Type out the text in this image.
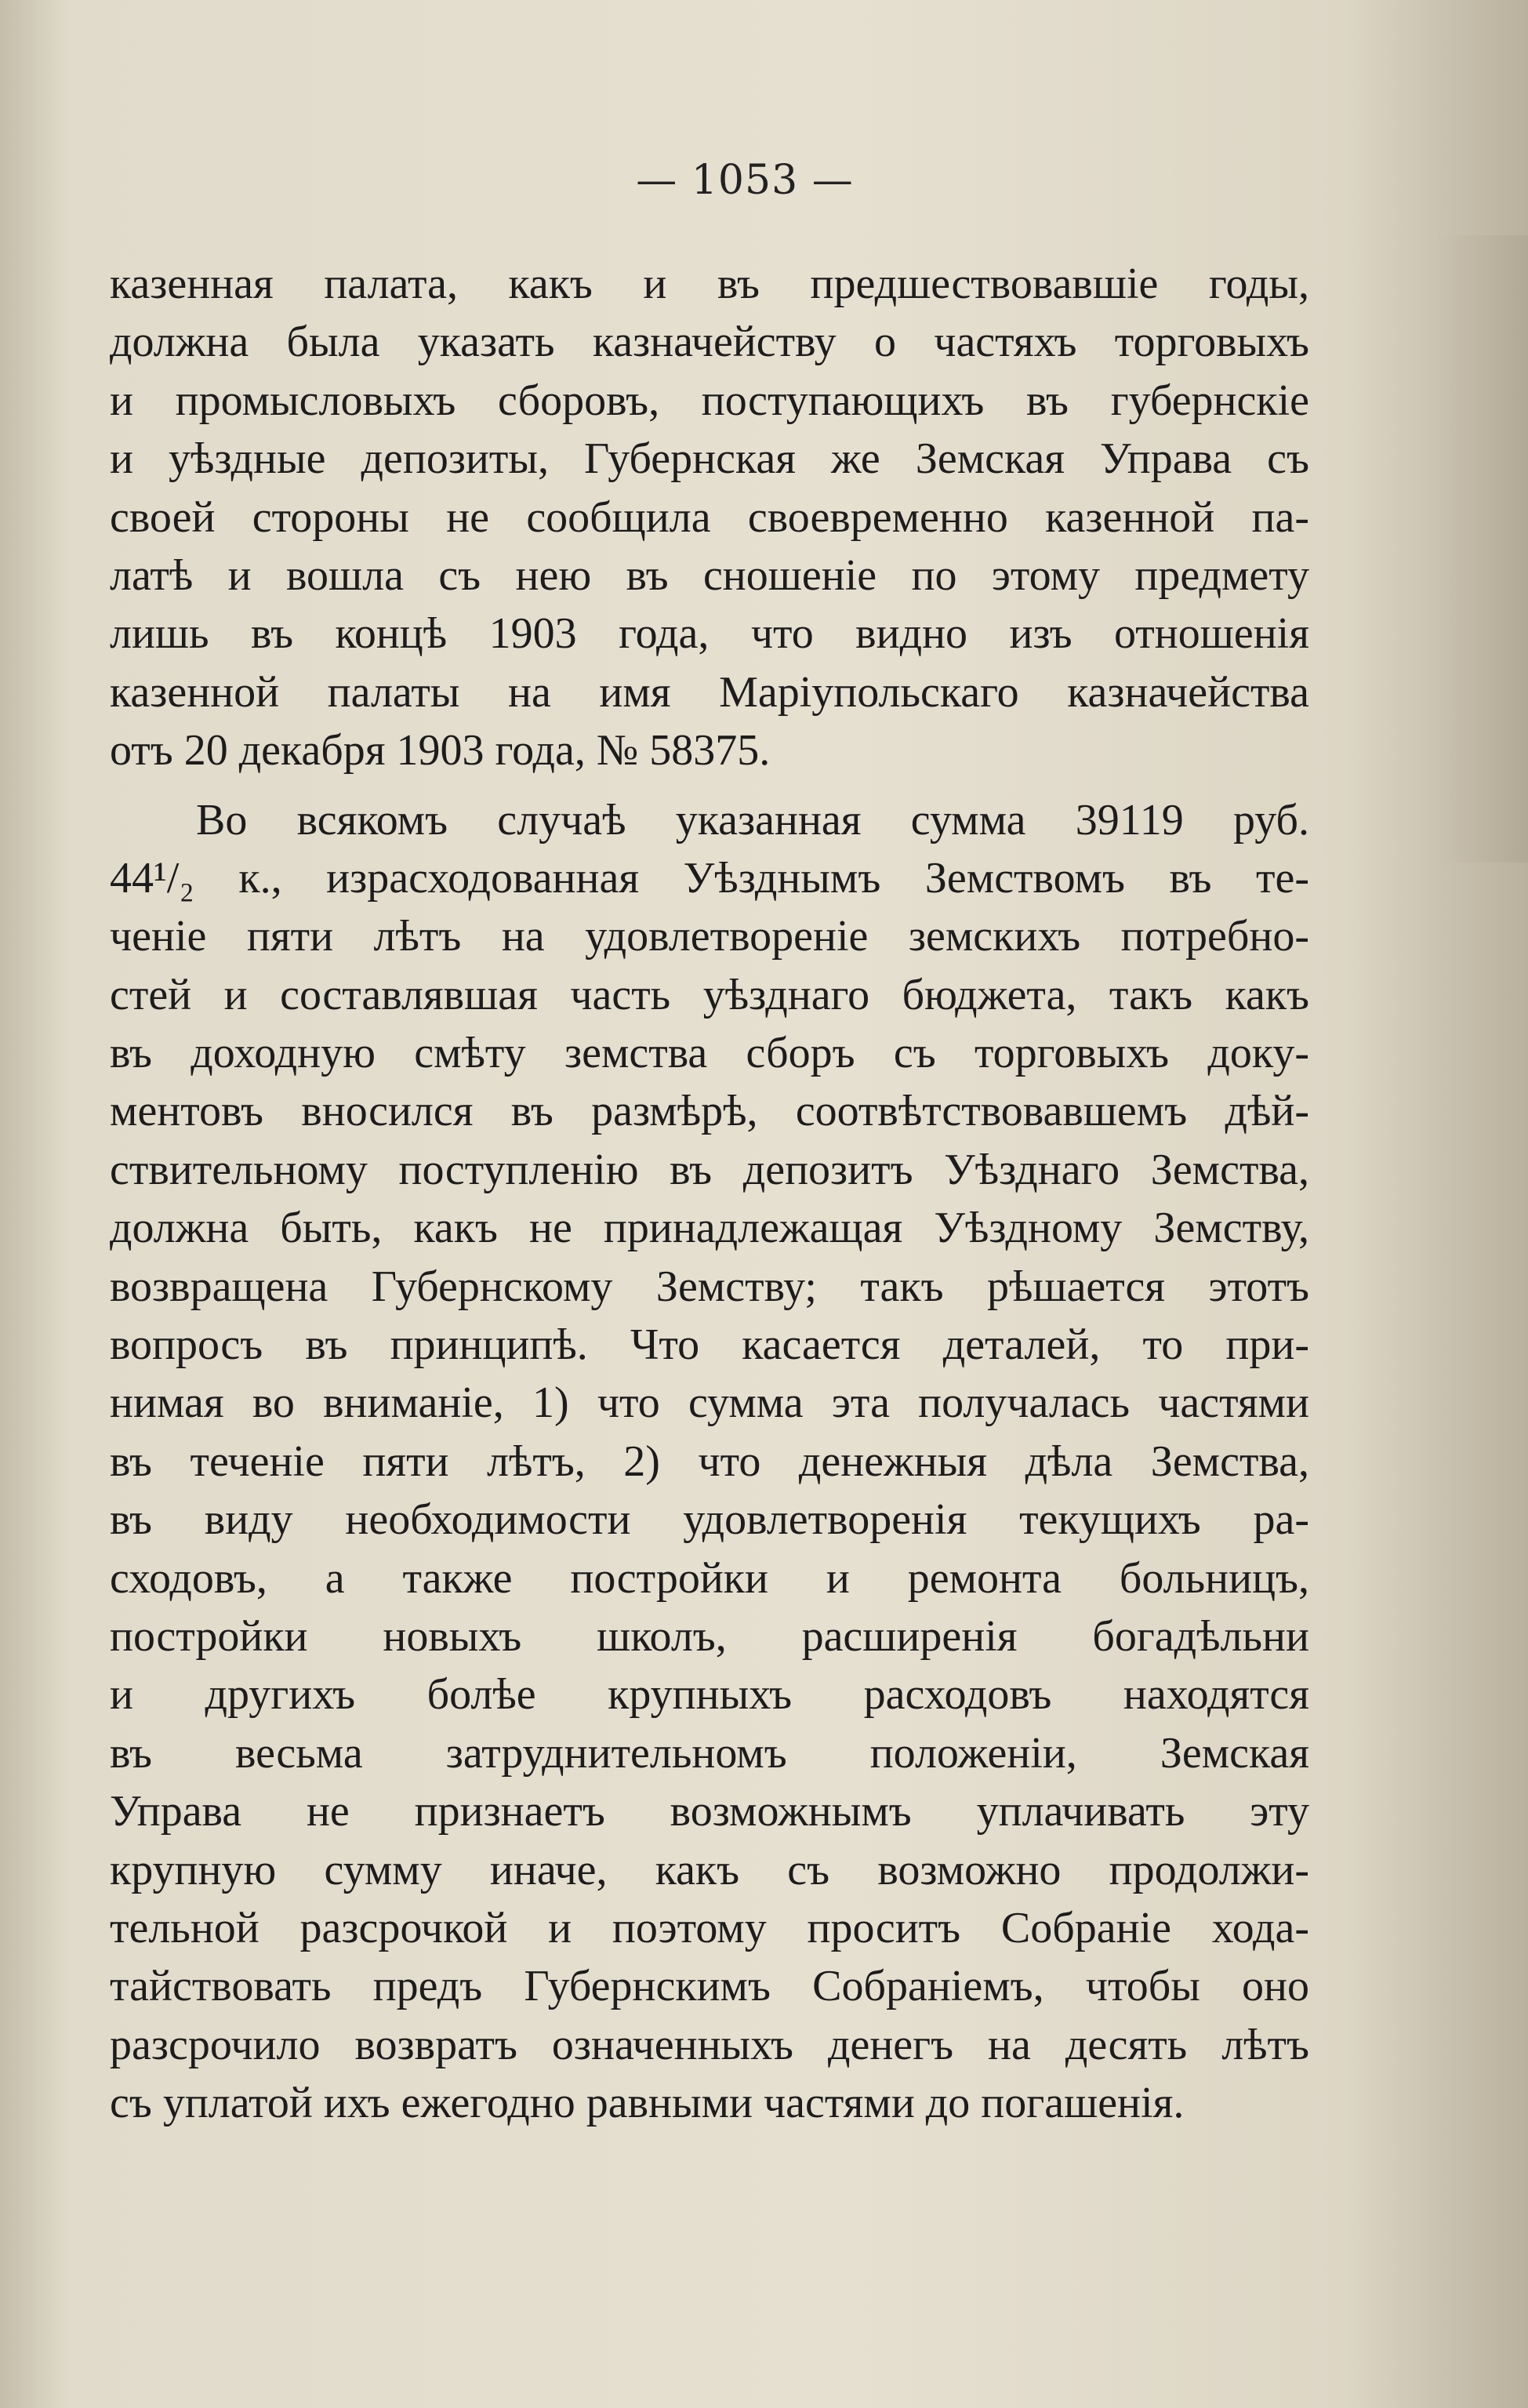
— 1053 —
казенная палата, какъ и въ предшествовавшіе годы,
должна была указать казначейству о частяхъ торговыхъ
и промысловыхъ сборовъ, поступающихъ въ губернскіе
и уѣздные депозиты, Губернская же Земская Управа съ
своей стороны не сообщила своевременно казенной па-
латѣ и вошла съ нею въ сношеніе по этому предмету
лишь въ концѣ 1903 года, что видно изъ отношенія
казенной палаты на имя Маріупольскаго казначейства
отъ 20 декабря 1903 года, № 58375.
Во всякомъ случаѣ указанная сумма 39119 руб.
44¹/₂ к., израсходованная Уѣзднымъ Земствомъ въ те-
ченіе пяти лѣтъ на удовлетвореніе земскихъ потребно-
стей и составлявшая часть уѣзднаго бюджета, такъ какъ
въ доходную смѣту земства сборъ съ торговыхъ доку-
ментовъ вносился въ размѣрѣ, соотвѣтствовавшемъ дѣй-
ствительному поступленію въ депозитъ Уѣзднаго Земства,
должна быть, какъ не принадлежащая Уѣздному Земству,
возвращена Губернскому Земству; такъ рѣшается этотъ
вопросъ въ принципѣ. Что касается деталей, то при-
нимая во вниманіе, 1) что сумма эта получалась частями
въ теченіе пяти лѣтъ, 2) что денежныя дѣла Земства,
въ виду необходимости удовлетворенія текущихъ ра-
сходовъ, а также постройки и ремонта больницъ,
постройки новыхъ школъ, расширенія богадѣльни
и другихъ болѣе крупныхъ расходовъ находятся
въ весьма затруднительномъ положеніи, Земская
Управа не признаетъ возможнымъ уплачивать эту
крупную сумму иначе, какъ съ возможно продолжи-
тельной разсрочкой и поэтому проситъ Собраніе хода-
тайствовать предъ Губернскимъ Собраніемъ, чтобы оно
разсрочило возвратъ означенныхъ денегъ на десять лѣтъ
съ уплатой ихъ ежегодно равными частями до погашенія.
